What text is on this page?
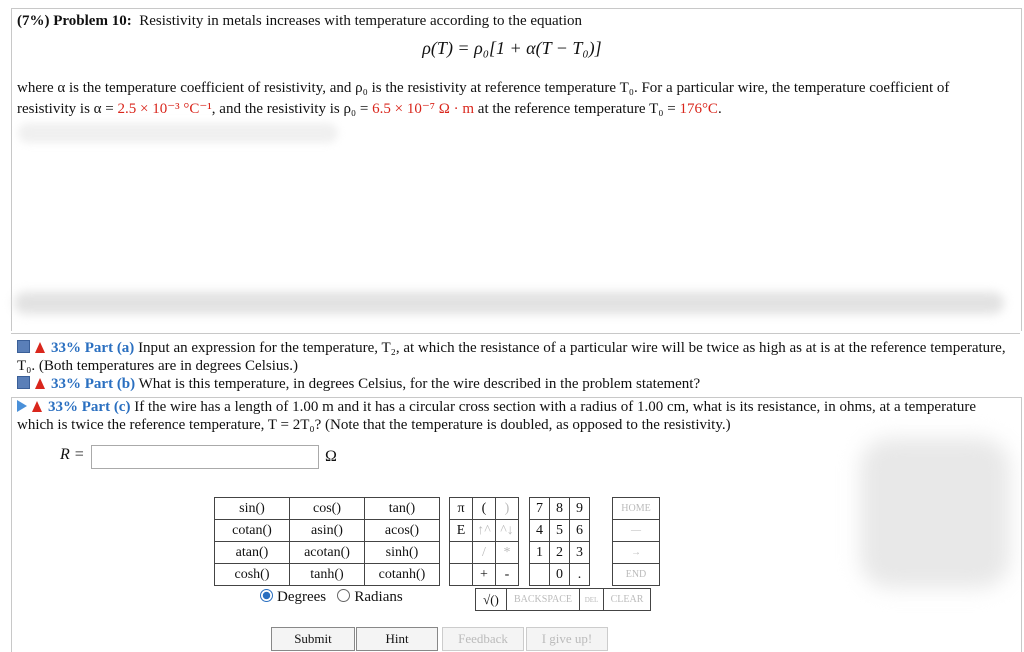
(7%) Problem 10: Resistivity in metals increases with temperature according to the equation
ρ(T) = ρ₀[1 + α(T − T₀)]
where α is the temperature coefficient of resistivity, and ρ₀ is the resistivity at reference temperature T₀. For a particular wire, the temperature coefficient of resistivity is α = 2.5 × 10⁻³ °C⁻¹, and the resistivity is ρ₀ = 6.5 × 10⁻⁷ Ω · m at the reference temperature T₀ = 176°C.
33% Part (a) Input an expression for the temperature, T₂, at which the resistance of a particular wire will be twice as high as at is at the reference temperature, T₀. (Both temperatures are in degrees Celsius.)
33% Part (b) What is this temperature, in degrees Celsius, for the wire described in the problem statement?
33% Part (c) If the wire has a length of 1.00 m and it has a circular cross section with a radius of 1.00 cm, what is its resistance, in ohms, at a temperature which is twice the reference temperature, T = 2T₀? (Note that the temperature is doubled, as opposed to the resistivity.)
R =	Ω
sin()	cos()	tan()
cotan()	asin()	acos()
atan()	acotan()	sinh()
cosh()	tanh()	cotanh()
π	(	)
E	↑^	^↓
	/	*
	+	-
7	8	9
4	5	6
1	2	3
	0	.
HOME
—
→
END
√()	BACKSPACE	DEL	CLEAR
Degrees Radians
Submit	Hint	Feedback	I give up!
